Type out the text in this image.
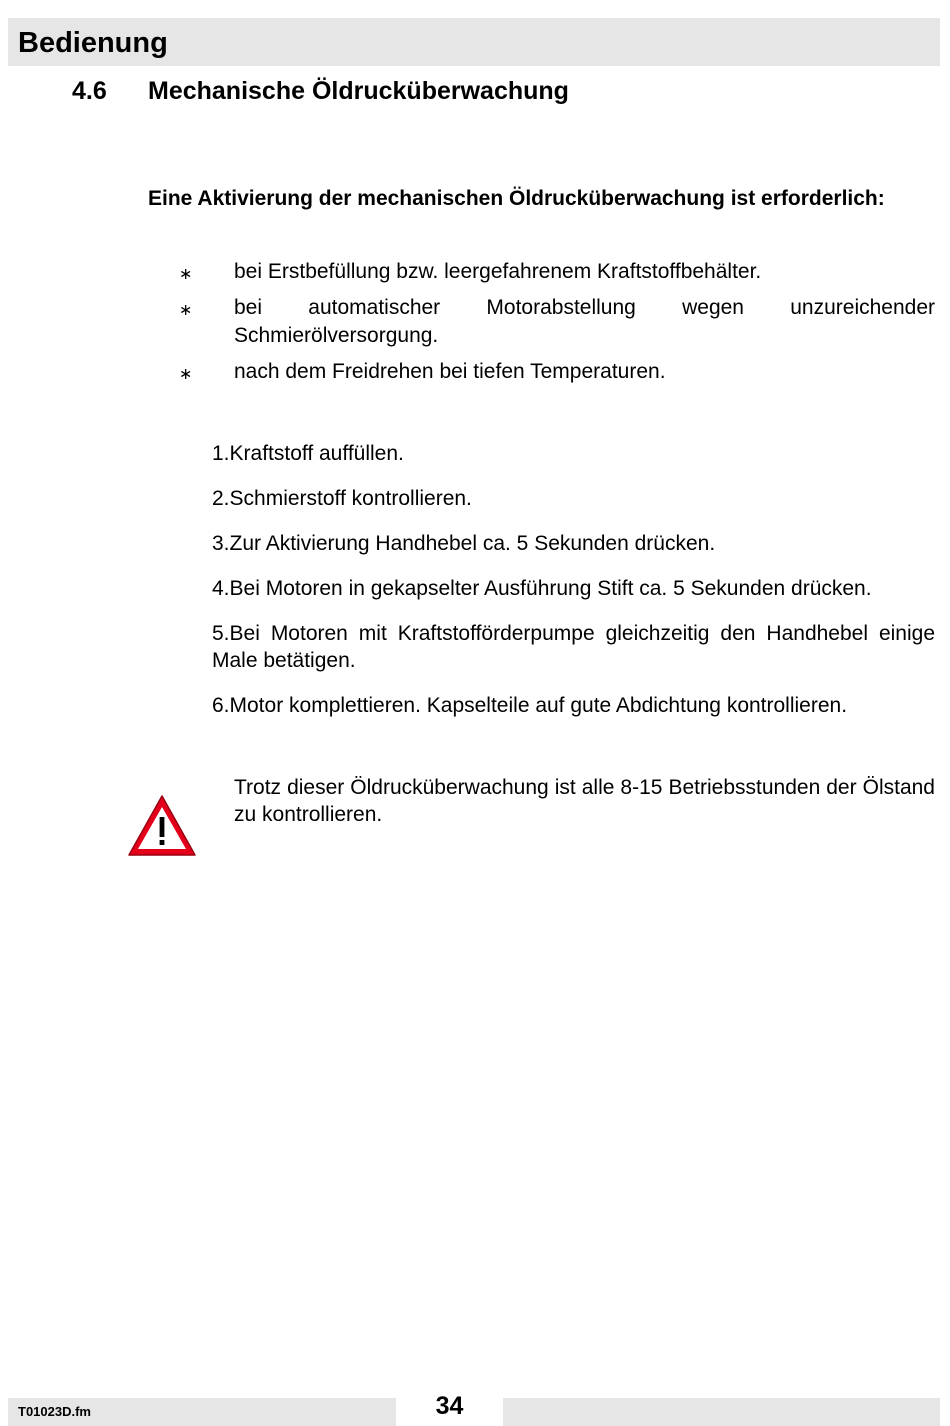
Bedienung
4.6 Mechanische Öldrucküberwachung

Eine Aktivierung der mechanischen Öldrucküberwachung ist erforderlich:

∗ bei Erstbefüllung bzw. leergefahrenem Kraftstoffbehälter.
∗ bei automatischer Motorabstellung wegen unzureichender Schmierölversorgung.
∗ nach dem Freidrehen bei tiefen Temperaturen.
1.Kraftstoff auffüllen.
2.Schmierstoff kontrollieren.
3.Zur Aktivierung Handhebel ca. 5 Sekunden drücken.
4.Bei Motoren in gekapselter Ausführung Stift ca. 5 Sekunden drücken.
5.Bei Motoren mit Kraftstofförderpumpe gleichzeitig den Handhebel einige Male betätigen.
6.Motor komplettieren. Kapselteile auf gute Abdichtung kontrollieren.

Trotz dieser Öldrucküberwachung ist alle 8-15 Betriebsstunden der Ölstand zu kontrollieren.

T01023D.fm	34
